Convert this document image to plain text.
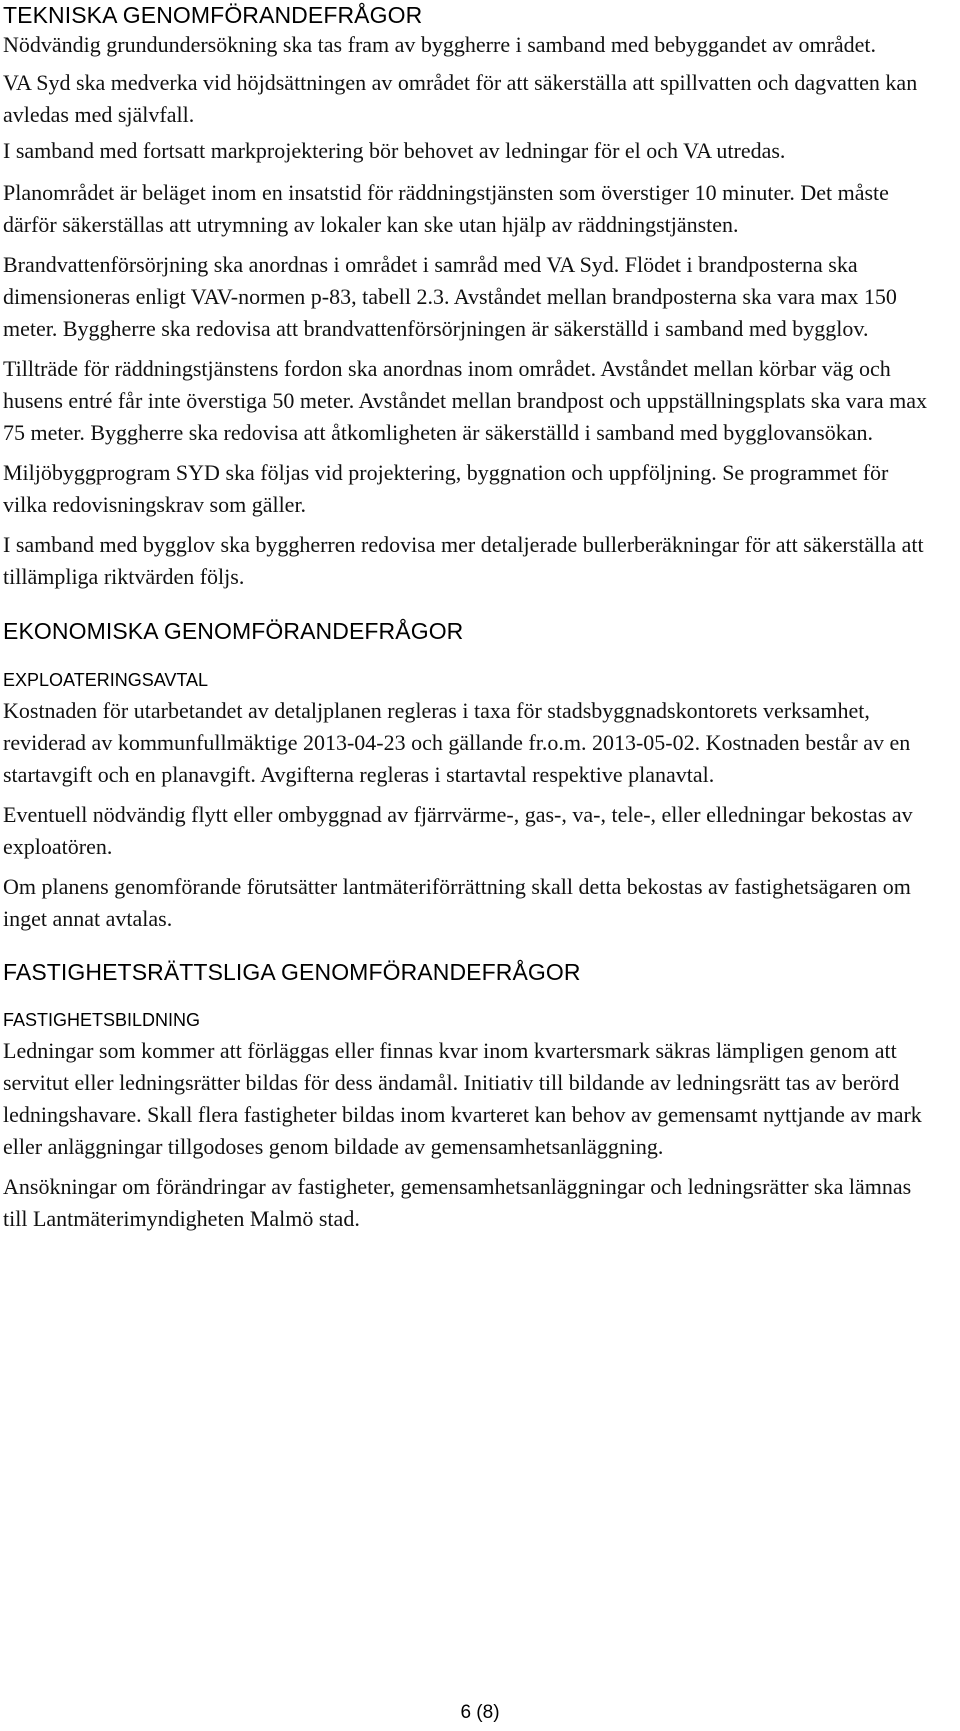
TEKNISKA GENOMFÖRANDEFRÅGOR

Nödvändig grundundersökning ska tas fram av byggherre i samband med bebyggandet av området.

VA Syd ska medverka vid höjdsättningen av området för att säkerställa att spillvatten och dagvatten kan avledas med självfall.

I samband med fortsatt markprojektering bör behovet av ledningar för el och VA utredas.

Planområdet är beläget inom en insatstid för räddningstjänsten som överstiger 10 minuter. Det måste därför säkerställas att utrymning av lokaler kan ske utan hjälp av räddningstjänsten.

Brandvattenförsörjning ska anordnas i området i samråd med VA Syd. Flödet i brandposterna ska dimensioneras enligt VAV-normen p-83, tabell 2.3. Avståndet mellan brandposterna ska vara max 150 meter. Byggherre ska redovisa att brandvattenförsörjningen är säkerställd i samband med bygglov.

Tillträde för räddningstjänstens fordon ska anordnas inom området. Avståndet mellan körbar väg och husens entré får inte överstiga 50 meter. Avståndet mellan brandpost och uppställningsplats ska vara max 75 meter. Byggherre ska redovisa att åtkomligheten är säkerställd i samband med bygglovansökan.

Miljöbyggprogram SYD ska följas vid projektering, byggnation och uppföljning. Se programmet för vilka redovisningskrav som gäller.

I samband med bygglov ska byggherren redovisa mer detaljerade bullerberäkningar för att säkerställa att tillämpliga riktvärden följs.

EKONOMISKA GENOMFÖRANDEFRÅGOR
EXPLOATERINGSAVTAL

Kostnaden för utarbetandet av detaljplanen regleras i taxa för stadsbyggnadskontorets verksamhet, reviderad av kommunfullmäktige 2013-04-23 och gällande fr.o.m. 2013-05-02. Kostnaden består av en startavgift och en planavgift. Avgifterna regleras i startavtal respektive planavtal.

Eventuell nödvändig flytt eller ombyggnad av fjärrvärme-, gas-, va-, tele-, eller elledningar bekostas av exploatören.

Om planens genomförande förutsätter lantmäteriförrättning skall detta bekostas av fastighetsägaren om inget annat avtalas.

FASTIGHETSRÄTTSLIGA GENOMFÖRANDEFRÅGOR
FASTIGHETSBILDNING

Ledningar som kommer att förläggas eller finnas kvar inom kvartersmark säkras lämpligen genom att servitut eller ledningsrätter bildas för dess ändamål. Initiativ till bildande av ledningsrätt tas av berörd ledningshavare. Skall flera fastigheter bildas inom kvarteret kan behov av gemensamt nyttjande av mark eller anläggningar tillgodoses genom bildade av gemensamhetsanläggning.

Ansökningar om förändringar av fastigheter, gemensamhetsanläggningar och ledningsrätter ska lämnas till Lantmäterimyndigheten Malmö stad.

6 (8)
